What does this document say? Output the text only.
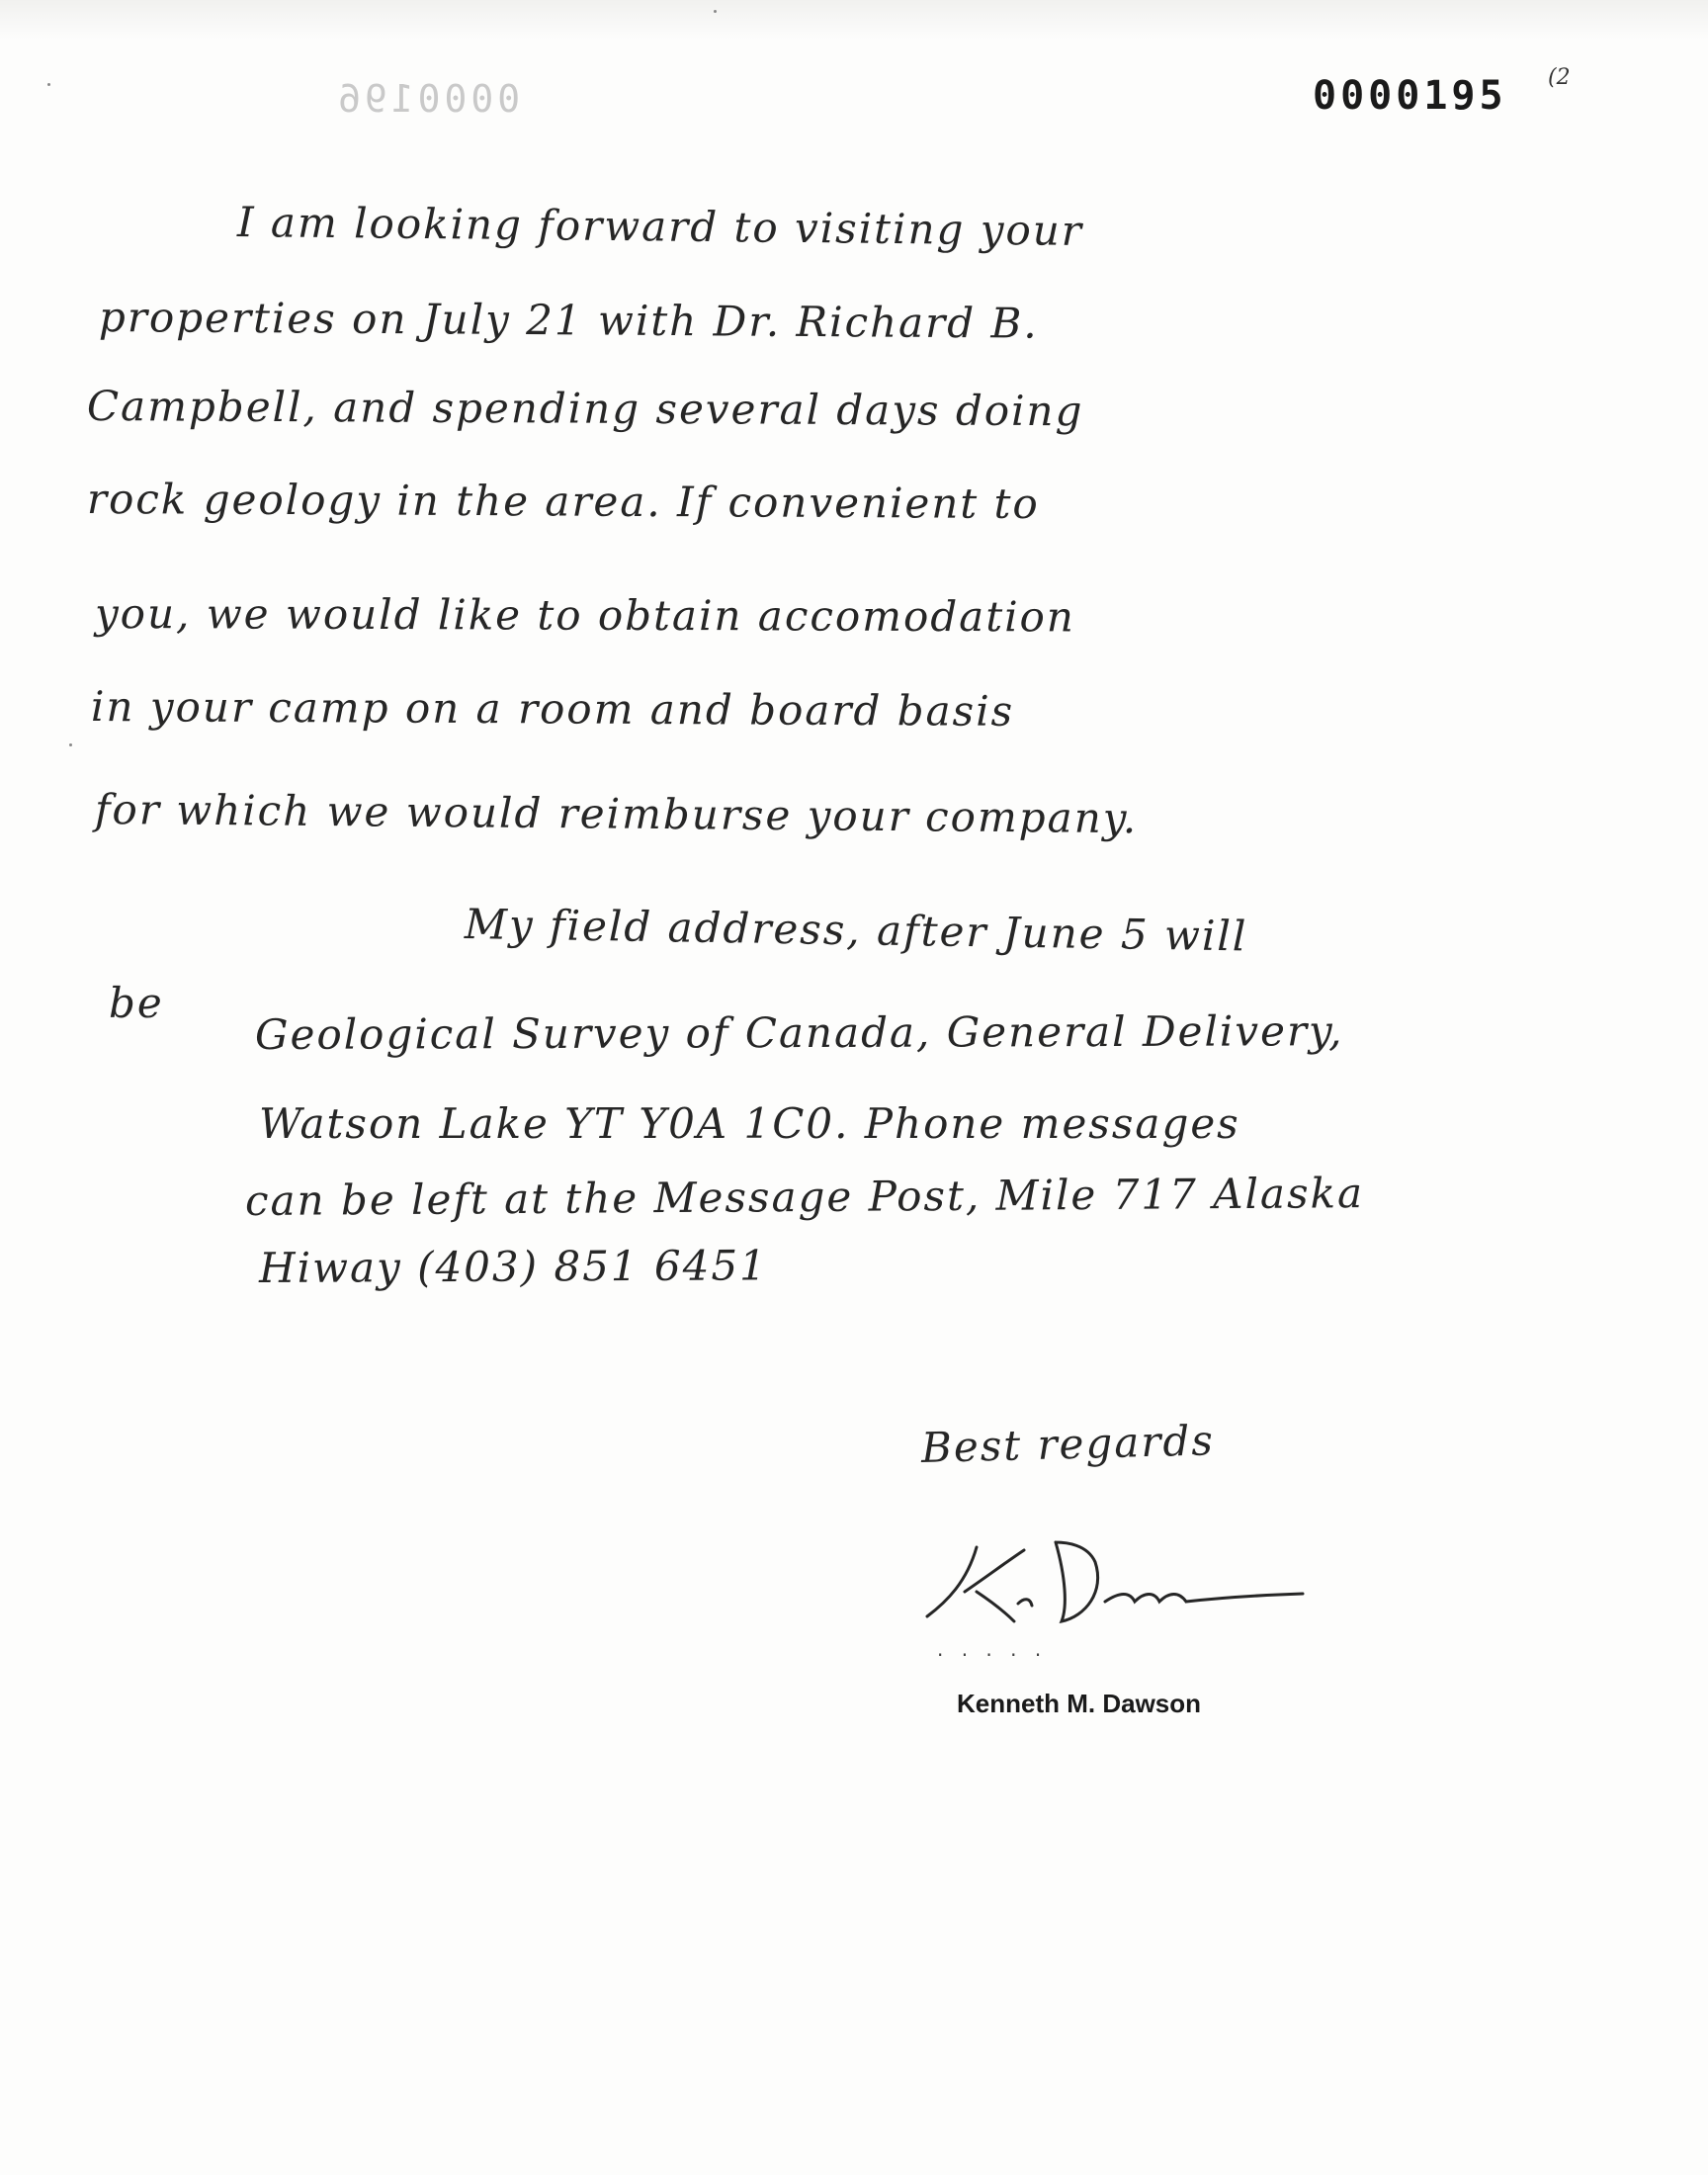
0000196	0000195 (2
I am looking forward to visiting your
properties on July 21 with Dr. Richard B.
Campbell, and spending several days doing
rock geology in the area. If convenient to
you, we would like to obtain accomodation
in your camp on a room and board basis
for which we would reimburse your company.
My field address, after June 5 will
be
Geological Survey of Canada, General Delivery,
Watson Lake YT Y0A 1C0. Phone messages
can be left at the Message Post, Mile 717 Alaska
Hiway (403) 851 6451
Best regards
· · · · ·
Kenneth M. Dawson
